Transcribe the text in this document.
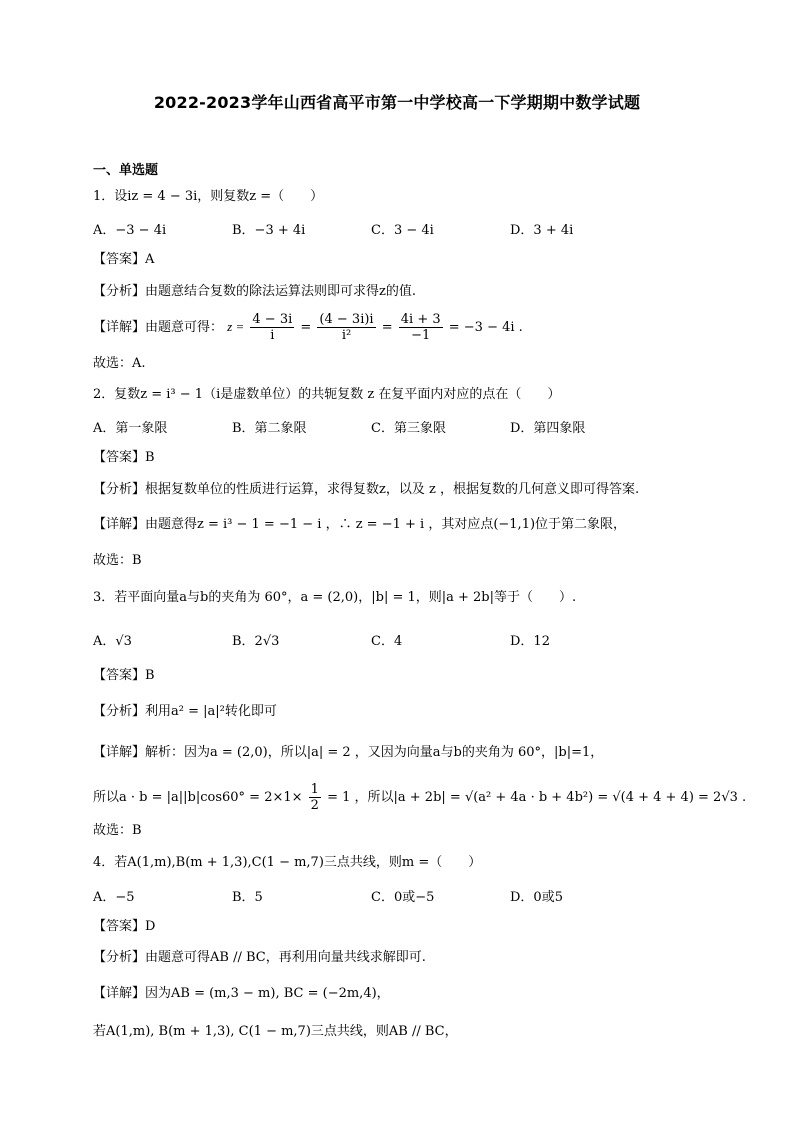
2022-2023学年山西省高平市第一中学校高一下学期期中数学试题
一、单选题
1．设iz = 4 − 3i，则复数z =（　　）
A．−3 − 4i	B．−3 + 4i	C．3 − 4i	D．3 + 4i
【答案】A
【分析】由题意结合复数的除法运算法则即可求得z的值.
【详解】由题意可得： $z = \frac{4 - 3i}{i} = \frac{(4 - 3i)i}{\text{i²}} = \frac{4i + 3}{-1} = -3 - 4i$ .
故选：A.
2．复数z = i³ − 1（i是虚数单位）的共轭复数 z 在复平面内对应的点在（　　）
A．第一象限	B．第二象限	C．第三象限	D．第四象限
【答案】B
【分析】根据复数单位的性质进行运算，求得复数z，以及 z ，根据复数的几何意义即可得答案.
【详解】由题意得z = i³ − 1 = −1 − i ，∴ z = −1 + i ，其对应点(−1,1)位于第二象限，
故选：B
3．若平面向量a与b的夹角为 60°，a = (2,0)，|b| = 1，则|a + 2b|等于（　　）.
A．√3	B．2√3	C．4	D．12
【答案】B
【分析】利用a² = |a|²转化即可
【详解】解析：因为a = (2,0)，所以|a| = 2 ，又因为向量a与b的夹角为 60°，|b|=1，
所以$a \cdot b = |a||b|\cos 60^\circ = 2\times 1\times \frac{1}{2} = 1$ ，所以|a + 2b| = √(a² + 4a · b + 4b²) = √(4 + 4 + 4) = 2√3 .
故选：B
4．若A(1,m),B(m + 1,3),C(1 − m,7)三点共线，则m =（　　）
A．−5	B．5	C．0或−5	D．0或5
【答案】D
【分析】由题意可得AB // BC，再利用向量共线求解即可.
【详解】因为AB = (m,3 − m), BC = (−2m,4)，
若A(1,m), B(m + 1,3), C(1 − m,7)三点共线，则AB // BC，
